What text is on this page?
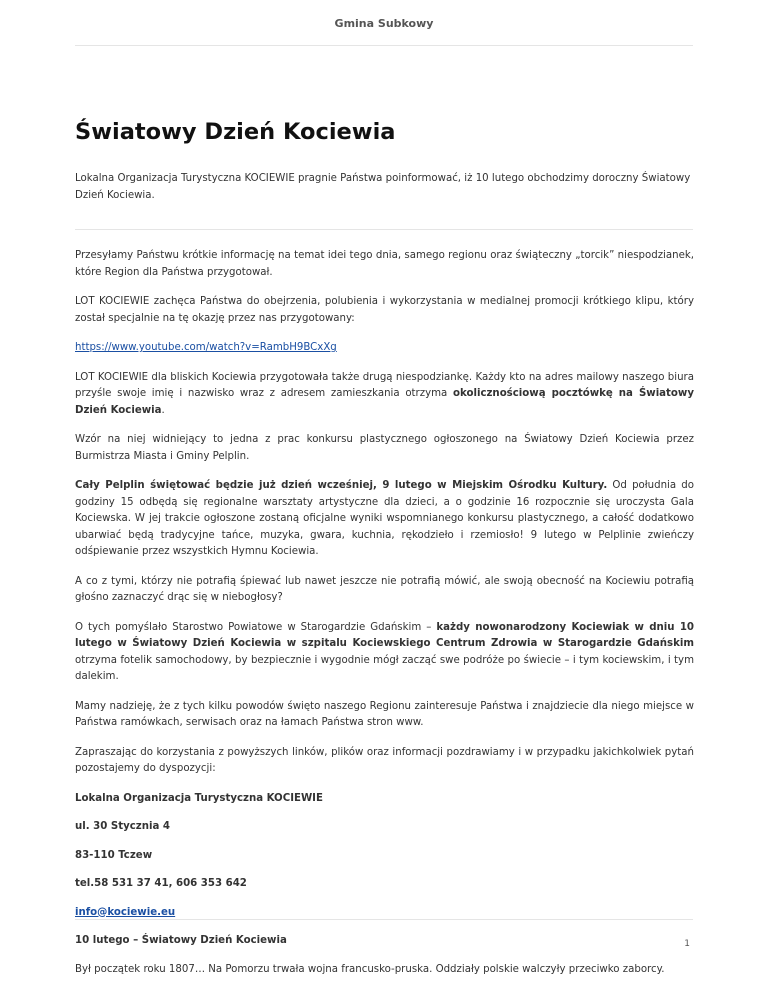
Gmina Subkowy
Światowy Dzień Kociewia

Lokalna Organizacja Turystyczna KOCIEWIE pragnie Państwa poinformować, iż 10 lutego obchodzimy doroczny Światowy Dzień Kociewia.

Przesyłamy Państwu krótkie informację na temat idei tego dnia, samego regionu oraz świąteczny „torcik” niespodzianek, które Region dla Państwa przygotował.

LOT KOCIEWIE zachęca Państwa do obejrzenia, polubienia i wykorzystania w medialnej promocji krótkiego klipu, który został specjalnie na tę okazję przez nas przygotowany:

https://www.youtube.com/watch?v=RambH9BCxXg

LOT KOCIEWIE dla bliskich Kociewia przygotowała także drugą niespodziankę. Każdy kto na adres mailowy naszego biura przyśle swoje imię i nazwisko wraz z adresem zamieszkania otrzyma okolicznościową pocztówkę na Światowy Dzień Kociewia.

Wzór na niej widniejący to jedna z prac konkursu plastycznego ogłoszonego na Światowy Dzień Kociewia przez Burmistrza Miasta i Gminy Pelplin.

Cały Pelplin świętować będzie już dzień wcześniej, 9 lutego w Miejskim Ośrodku Kultury. Od południa do godziny 15 odbędą się regionalne warsztaty artystyczne dla dzieci, a o godzinie 16 rozpocznie się uroczysta Gala Kociewska. W jej trakcie ogłoszone zostaną oficjalne wyniki wspomnianego konkursu plastycznego, a całość dodatkowo ubarwiać będą tradycyjne tańce, muzyka, gwara, kuchnia, rękodzieło i rzemiosło! 9 lutego w Pelplinie zwieńczy odśpiewanie przez wszystkich Hymnu Kociewia.

A co z tymi, którzy nie potrafią śpiewać lub nawet jeszcze nie potrafią mówić, ale swoją obecność na Kociewiu potrafią głośno zaznaczyć drąc się w niebogłosy?

O tych pomyślało Starostwo Powiatowe w Starogardzie Gdańskim – każdy nowonarodzony Kociewiak w dniu 10 lutego w Światowy Dzień Kociewia w szpitalu Kociewskiego Centrum Zdrowia w Starogardzie Gdańskim otrzyma fotelik samochodowy, by bezpiecznie i wygodnie mógł zacząć swe podróże po świecie – i tym kociewskim, i tym dalekim.

Mamy nadzieję, że z tych kilku powodów święto naszego Regionu zainteresuje Państwa i znajdziecie dla niego miejsce w Państwa ramówkach, serwisach oraz na łamach Państwa stron www.

Zapraszając do korzystania z powyższych linków, plików oraz informacji pozdrawiamy i w przypadku jakichkolwiek pytań pozostajemy do dyspozycji:

Lokalna Organizacja Turystyczna KOCIEWIE

ul. 30 Stycznia 4

83-110 Tczew

tel.58 531 37 41, 606 353 642

info@kociewie.eu

10 lutego – Światowy Dzień Kociewia

Był początek roku 1807… Na Pomorzu trwała wojna francusko-pruska. Oddziały polskie walczyły przeciwko zaborcy.

1
